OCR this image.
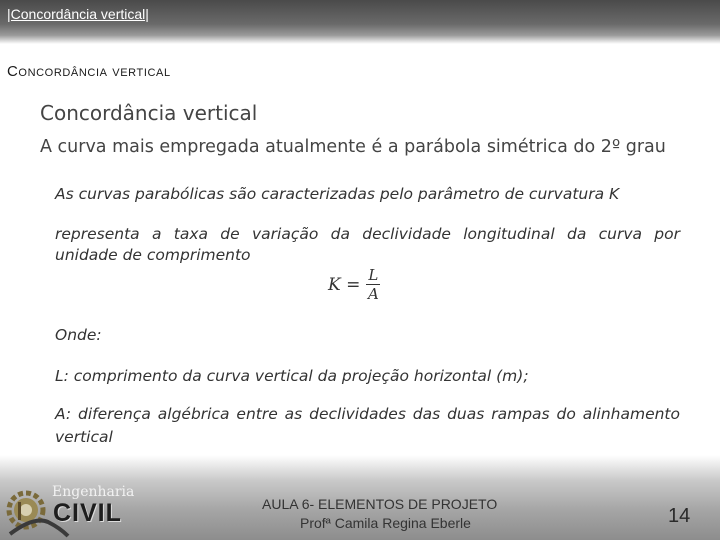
|Concordância vertical|
Concordância vertical
Concordância vertical
A curva mais empregada atualmente é a parábola simétrica do 2º grau
As curvas parabólicas são caracterizadas pelo parâmetro de curvatura K
representa a taxa de variação da declividade longitudinal da curva por
unidade de comprimento
$K = \frac{L}{A}$
Onde:
L: comprimento da curva vertical da projeção horizontal (m);
A: diferença algébrica entre as declividades das duas rampas do alinhamento
vertical
Engenharia
CIVIL	AULA 6- ELEMENTOS DE PROJETO
Profª Camila Regina Eberle	14
